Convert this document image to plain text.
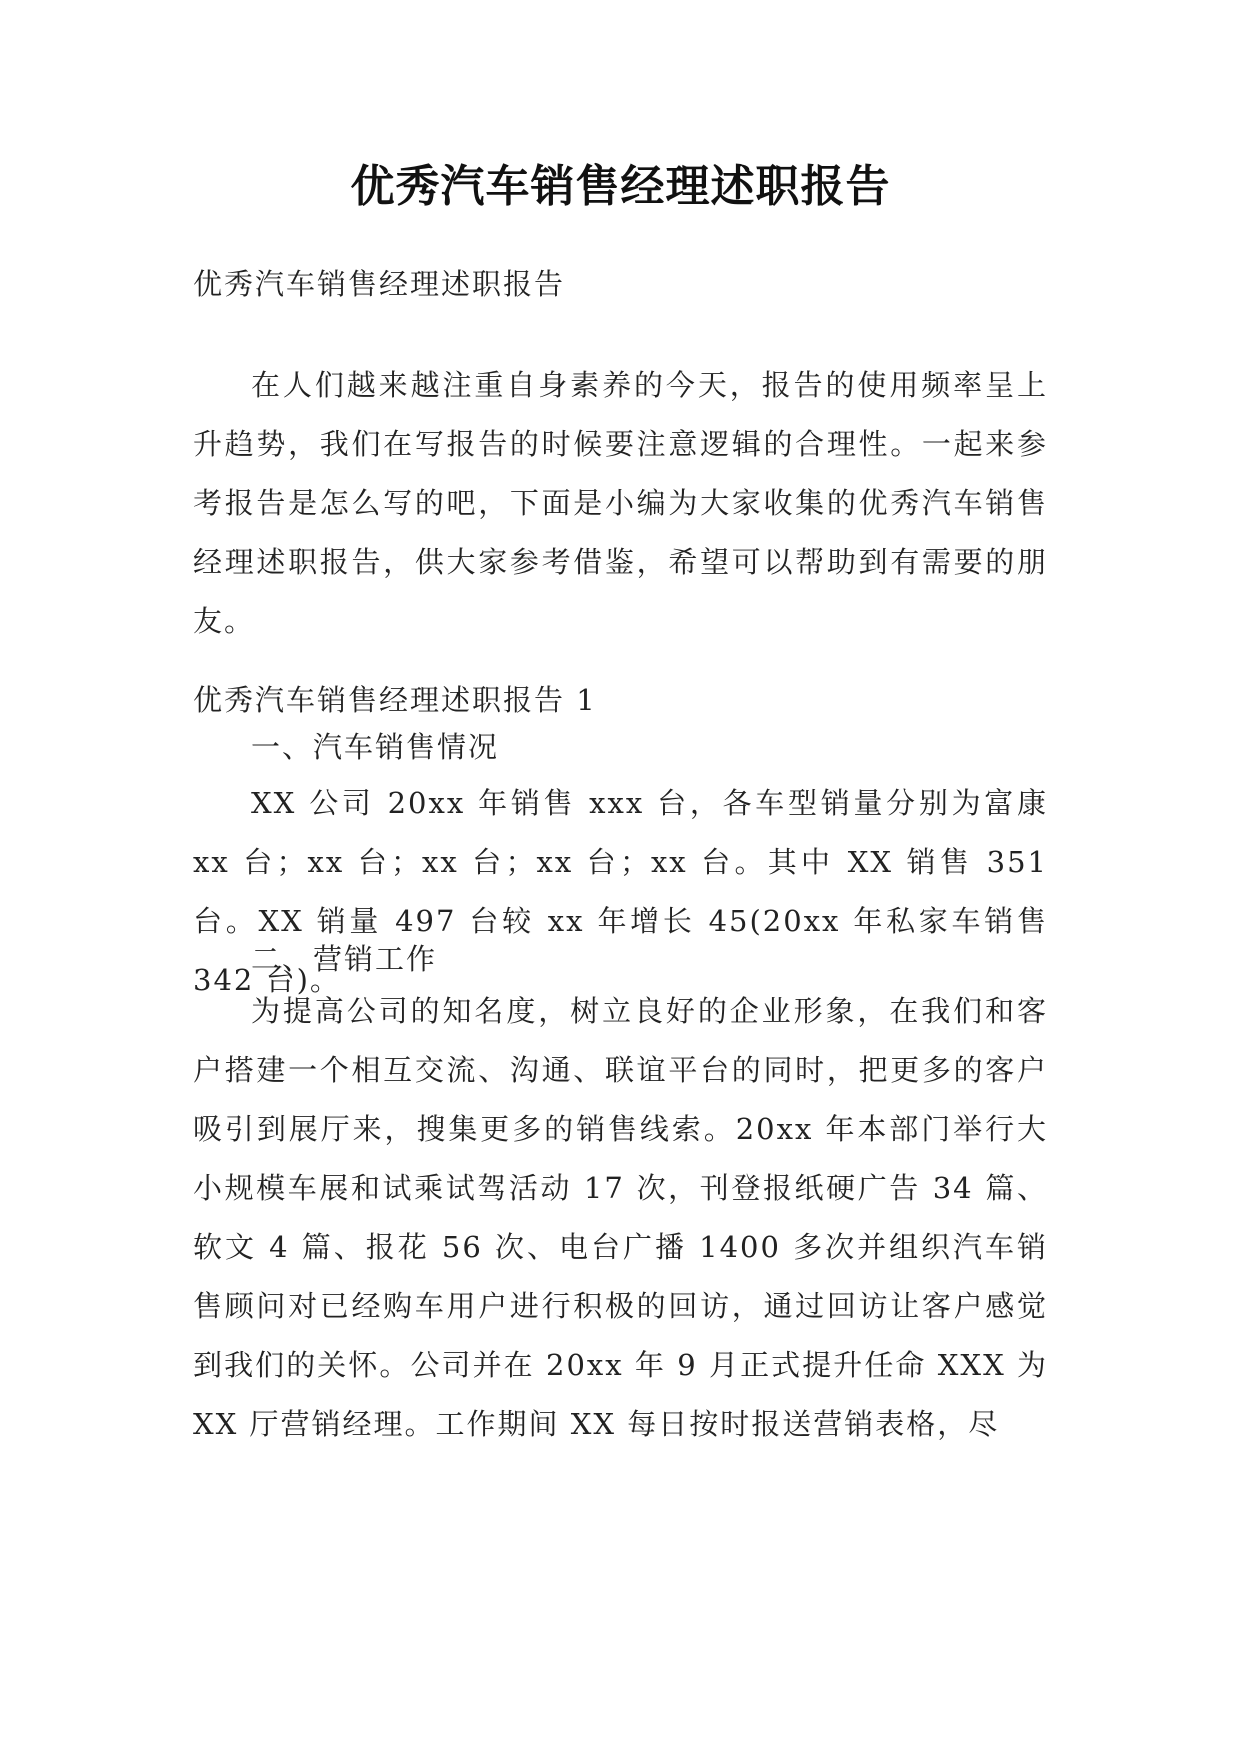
优秀汽车销售经理述职报告
优秀汽车销售经理述职报告
在人们越来越注重自身素养的今天，报告的使用频率呈上升趋势，我们在写报告的时候要注意逻辑的合理性。一起来参考报告是怎么写的吧，下面是小编为大家收集的优秀汽车销售经理述职报告，供大家参考借鉴，希望可以帮助到有需要的朋友。
优秀汽车销售经理述职报告 1
一、汽车销售情况
XX 公司 20xx 年销售 xxx 台，各车型销量分别为富康 xx 台；xx 台；xx 台；xx 台；xx 台。其中 XX 销售 351 台。XX 销量 497 台较 xx 年增长 45(20xx 年私家车销售 342 台)。
二、营销工作
为提高公司的知名度，树立良好的企业形象，在我们和客户搭建一个相互交流、沟通、联谊平台的同时，把更多的客户吸引到展厅来，搜集更多的销售线索。20xx 年本部门举行大小规模车展和试乘试驾活动 17 次，刊登报纸硬广告 34 篇、软文 4 篇、报花 56 次、电台广播 1400 多次并组织汽车销售顾问对已经购车用户进行积极的回访，通过回访让客户感觉到我们的关怀。公司并在 20xx 年 9 月正式提升任命 XXX 为 XX 厅营销经理。工作期间 XX 每日按时报送营销表格，尽
